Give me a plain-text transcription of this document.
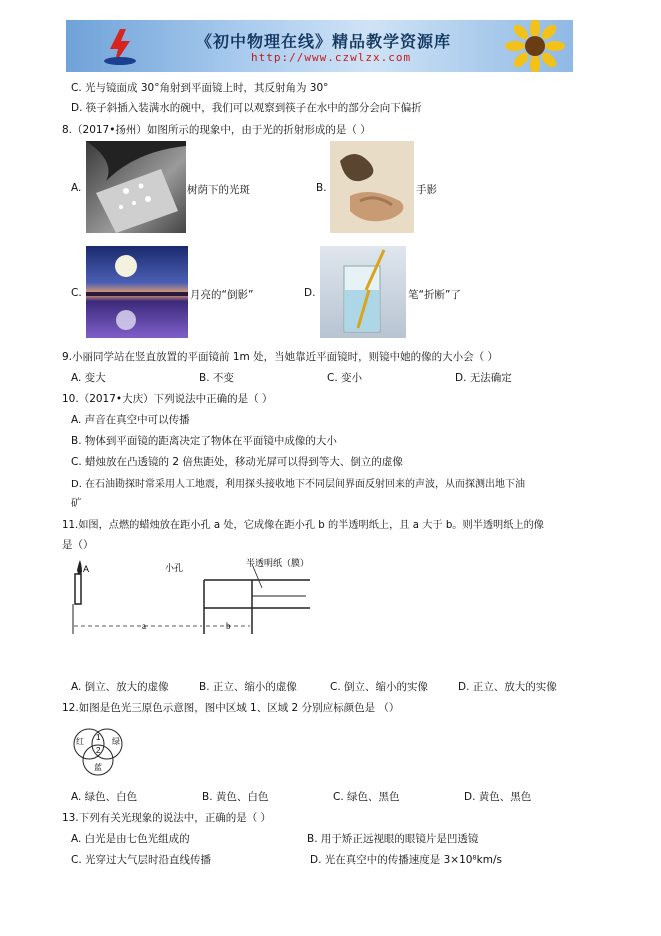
《初中物理在线》精品教学资源库
http://www.czwlzx.com
C. 光与镜面成 30°角射到平面镜上时，其反射角为 30°
D. 筷子斜插入装满水的碗中，我们可以观察到筷子在水中的部分会向下偏折
8.（2017•扬州）如图所示的现象中，由于光的折射形成的是（ ）
A.	树荫下的光斑	B.	手影
C.	月亮的“倒影”	D.	笔“折断”了
9.小丽同学站在竖直放置的平面镜前 1m 处，当她靠近平面镜时，则镜中她的像的大小会（ ）
A. 变大	B. 不变	C. 变小	D. 无法确定
10.（2017•大庆）下列说法中正确的是（ ）
A. 声音在真空中可以传播
B. 物体到平面镜的距离决定了物体在平面镜中成像的大小
C. 蜡烛放在凸透镜的 2 倍焦距处，移动光屏可以得到等大、倒立的虚像
D. 在石油勘探时常采用人工地震，利用探头接收地下不同层间界面反射回来的声波，从而探测出地下油
矿
11.如图，点燃的蜡烛放在距小孔 a 处，它成像在距小孔 b 的半透明纸上，且 a 大于 b。则半透明纸上的像
是（）
A	小孔	半透明纸（膜）
a	b
A. 倒立、放大的虚像	B. 正立、缩小的虚像	C. 倒立、缩小的实像	D. 正立、放大的实像
12.如图是色光三原色示意图，图中区域 1、区域 2 分别应标颜色是 （）
红	绿
蓝
1
2
A. 绿色、白色	B. 黄色、白色	C. 绿色、黑色	D. 黄色、黑色
13.下列有关光现象的说法中，正确的是（ ）
A. 白光是由七色光组成的	B. 用于矫正远视眼的眼镜片是凹透镜
C. 光穿过大气层时沿直线传播	D. 光在真空中的传播速度是 3×10⁸km/s
